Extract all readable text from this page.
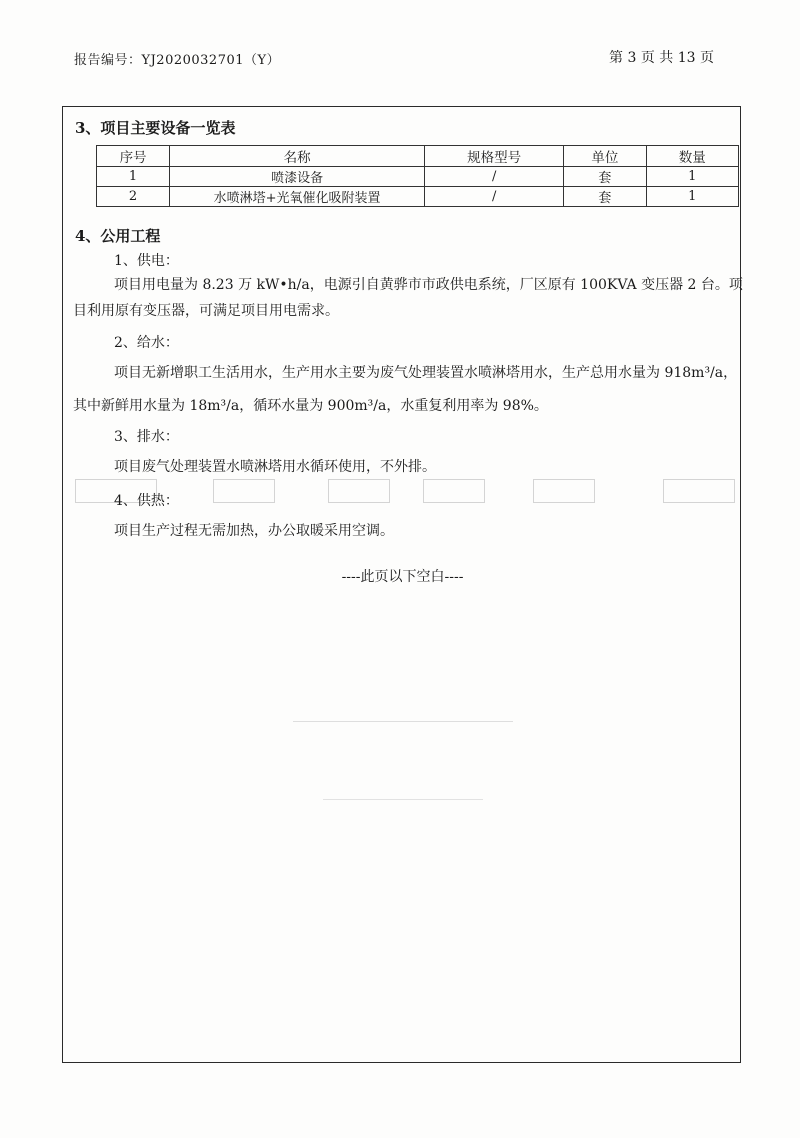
报告编号：YJ2020032701（Y）	第 3 页 共 13 页
3、项目主要设备一览表
序号	名称	规格型号	单位	数量
1	喷漆设备	/	套	1
2	水喷淋塔+光氧催化吸附装置	/	套	1
4、公用工程
1、供电：
项目用电量为 8.23 万 kW•h/a，电源引自黄骅市市政供电系统，厂区原有 100KVA 变压器 2 台。项
目利用原有变压器，可满足项目用电需求。
2、给水：
项目无新增职工生活用水，生产用水主要为废气处理装置水喷淋塔用水，生产总用水量为 918m³/a，
其中新鲜用水量为 18m³/a，循环水量为 900m³/a，水重复利用率为 98%。
3、排水：
项目废气处理装置水喷淋塔用水循环使用，不外排。
4、供热：
项目生产过程无需加热，办公取暖采用空调。
----此页以下空白----
